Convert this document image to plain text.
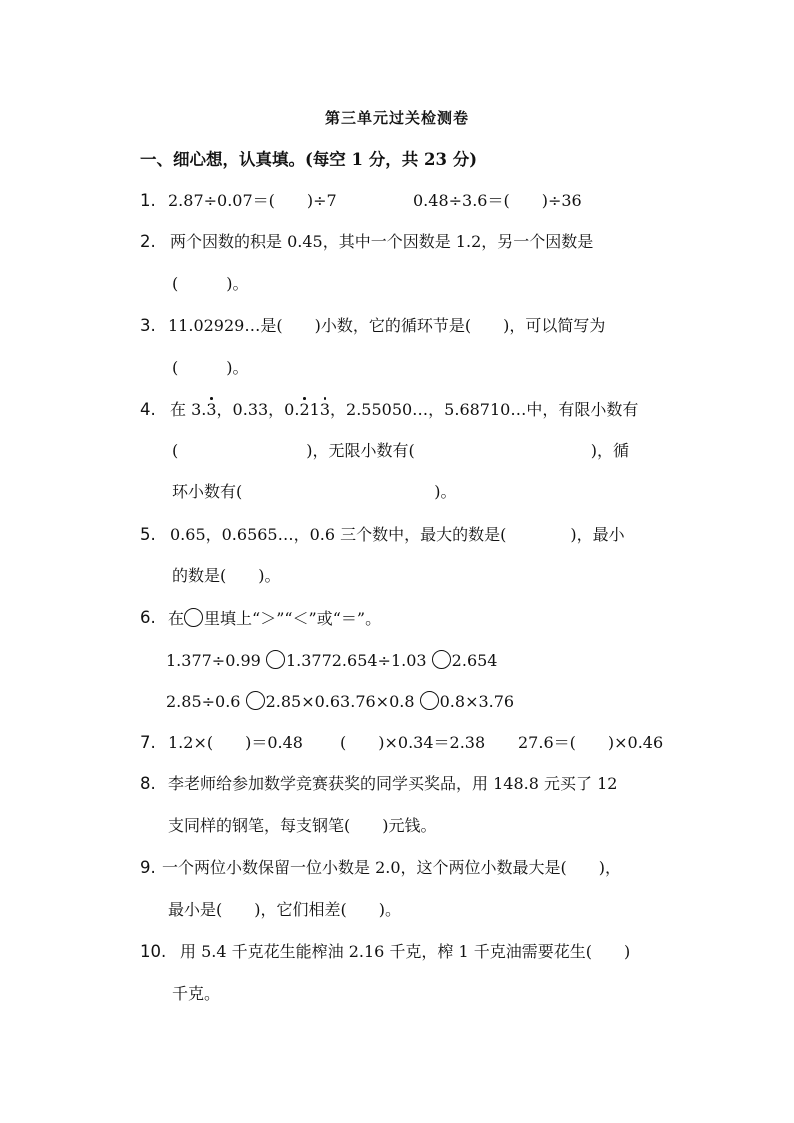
第三单元过关检测卷
一、细心想，认真填。(每空 1 分，共 23 分)
1. 2.87÷0.07＝(　　)÷7	0.48÷3.6＝(　　)÷36
2. 两个因数的积是 0.45，其中一个因数是 1.2，另一个因数是
(　　　)。
3. 11.02929…是(　　)小数，它的循环节是(　　)，可以简写为
(　　　)。
4. 在 3.3，0.33，0.213，2.55050…，5.68710…中，有限小数有
(　　　　　　　　)，无限小数有(　　　　　　　　　　　)，循
环小数有(　　　　　　　　　　　　)。
5. 0.65，0.6565…，0.6 三个数中，最大的数是(　　　　)，最小
的数是(　　)。
6. 在 里填上“＞”“＜”或“＝”。
1.377÷0.99 1.3772.654÷1.03 2.654
2.85÷0.6 2.85×0.63.76×0.8 0.8×3.76
7. 1.2×(　　)＝0.48 (　　)×0.34＝2.38 27.6＝(　　)×0.46
8. 李老师给参加数学竞赛获奖的同学买奖品，用 148.8 元买了 12
支同样的钢笔，每支钢笔(　　)元钱。
9. 一个两位小数保留一位小数是 2.0，这个两位小数最大是(　　)，
最小是(　　)，它们相差(　　)。
10. 用 5.4 千克花生能榨油 2.16 千克，榨 1 千克油需要花生(　　)
千克。
